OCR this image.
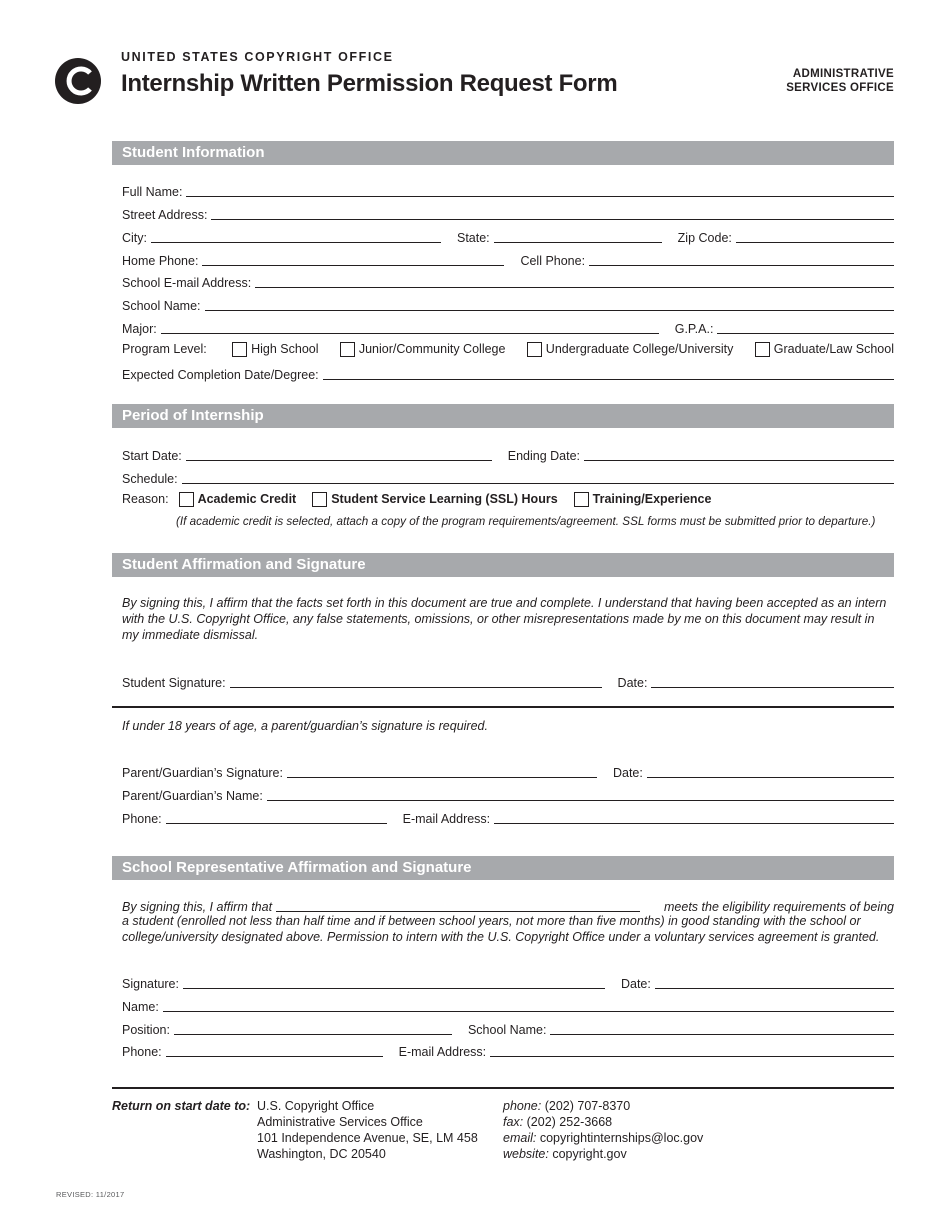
UNITED STATES COPYRIGHT OFFICE
Internship Written Permission Request Form	ADMINISTRATIVE
SERVICES OFFICE
Student Information
Full Name:
Street Address:
City:	State:	Zip Code:
Home Phone:	Cell Phone:
School E-mail Address:
School Name:
Major:	G.P.A.:
Program Level:	High School	Junior/Community College	Undergraduate College/University	Graduate/Law School
Expected Completion Date/Degree:
Period of Internship
Start Date:	Ending Date:
Schedule:
Reason:	Academic Credit	Student Service Learning (SSL) Hours	Training/Experience
(If academic credit is selected, attach a copy of the program requirements/agreement. SSL forms must be submitted prior to departure.)
Student Affirmation and Signature
By signing this, I affirm that the facts set forth in this document are true and complete. I understand that having been accepted as an intern with the U.S. Copyright Office, any false statements, omissions, or other misrepresentations made by me on this document may result in my immediate dismissal.
Student Signature:	Date:
If under 18 years of age, a parent/guardian’s signature is required.
Parent/Guardian’s Signature:	Date:
Parent/Guardian’s Name:
Phone:	E-mail Address:
School Representative Affirmation and Signature
By signing this, I affirm that	meets the eligibility requirements of being
a student (enrolled not less than half time and if between school years, not more than five months) in good standing with the school or
college/university designated above. Permission to intern with the U.S. Copyright Office under a voluntary services agreement is granted.
Signature:	Date:
Name:
Position:	School Name:
Phone:	E-mail Address:
Return on start date to: U.S. Copyright Office
Administrative Services Office
101 Independence Avenue, SE, LM 458
Washington, DC 20540
phone: (202) 707-8370
fax: (202) 252-3668
email: copyrightinternships@loc.gov
website: copyright.gov
REVISED: 11/2017
